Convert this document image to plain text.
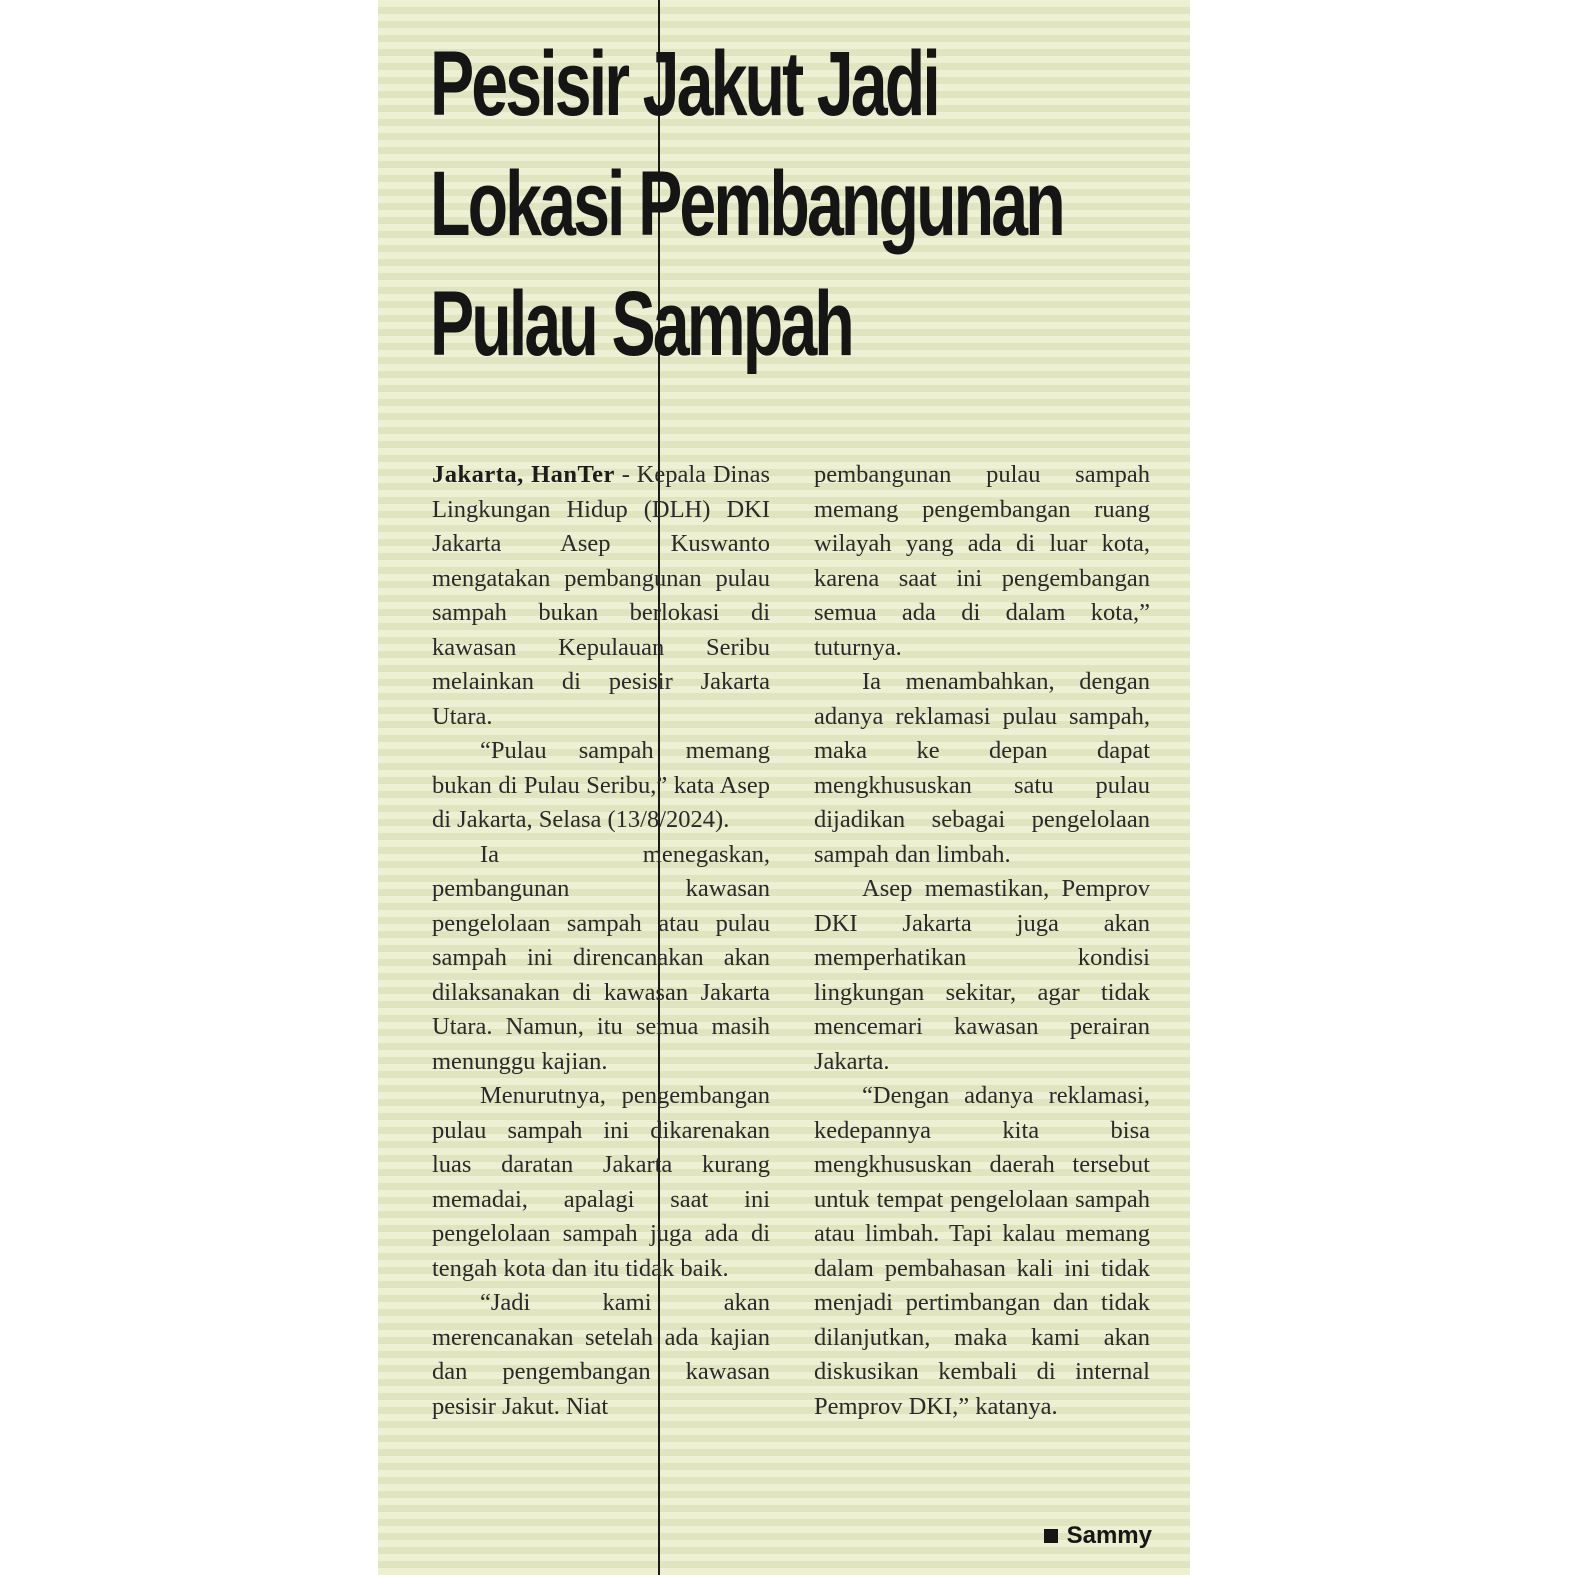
Pesisir Jakut Jadi
Lokasi Pembangunan
Pulau Sampah

Jakarta, HanTer - Kepala Dinas Lingkungan Hidup (DLH) DKI Jakarta Asep Kuswanto mengatakan pembangunan pulau sampah bukan berlokasi di kawasan Kepulauan Seribu melainkan di pesisir Jakarta Utara.

“Pulau sampah memang bukan di Pulau Seribu,” kata Asep di Jakarta, Selasa (13/8/2024).

Ia menegaskan, pembangunan kawasan pengelolaan sampah atau pulau sampah ini direncanakan akan dilaksanakan di kawasan Jakarta Utara. Namun, itu semua masih menunggu kajian.

Menurutnya, pengembangan pulau sampah ini dikarenakan luas daratan Jakarta kurang memadai, apalagi saat ini pengelolaan sampah juga ada di tengah kota dan itu tidak baik.

“Jadi kami akan merencanakan setelah ada kajian dan pengembangan kawasan pesisir Jakut. Niat

pembangunan pulau sampah memang pengembangan ruang wilayah yang ada di luar kota, karena saat ini pengembangan semua ada di dalam kota,” tuturnya.

Ia menambahkan, dengan adanya reklamasi pulau sampah, maka ke depan dapat mengkhususkan satu pulau dijadikan sebagai pengelolaan sampah dan limbah.

Asep memastikan, Pemprov DKI Jakarta juga akan memperhatikan kondisi lingkungan sekitar, agar tidak mencemari kawasan perairan Jakarta.

“Dengan adanya reklamasi, kedepannya kita bisa mengkhususkan daerah tersebut untuk tempat pengelolaan sampah atau limbah. Tapi kalau memang dalam pembahasan kali ini tidak menjadi pertimbangan dan tidak dilanjutkan, maka kami akan diskusikan kembali di internal Pemprov DKI,” katanya.

Sammy
